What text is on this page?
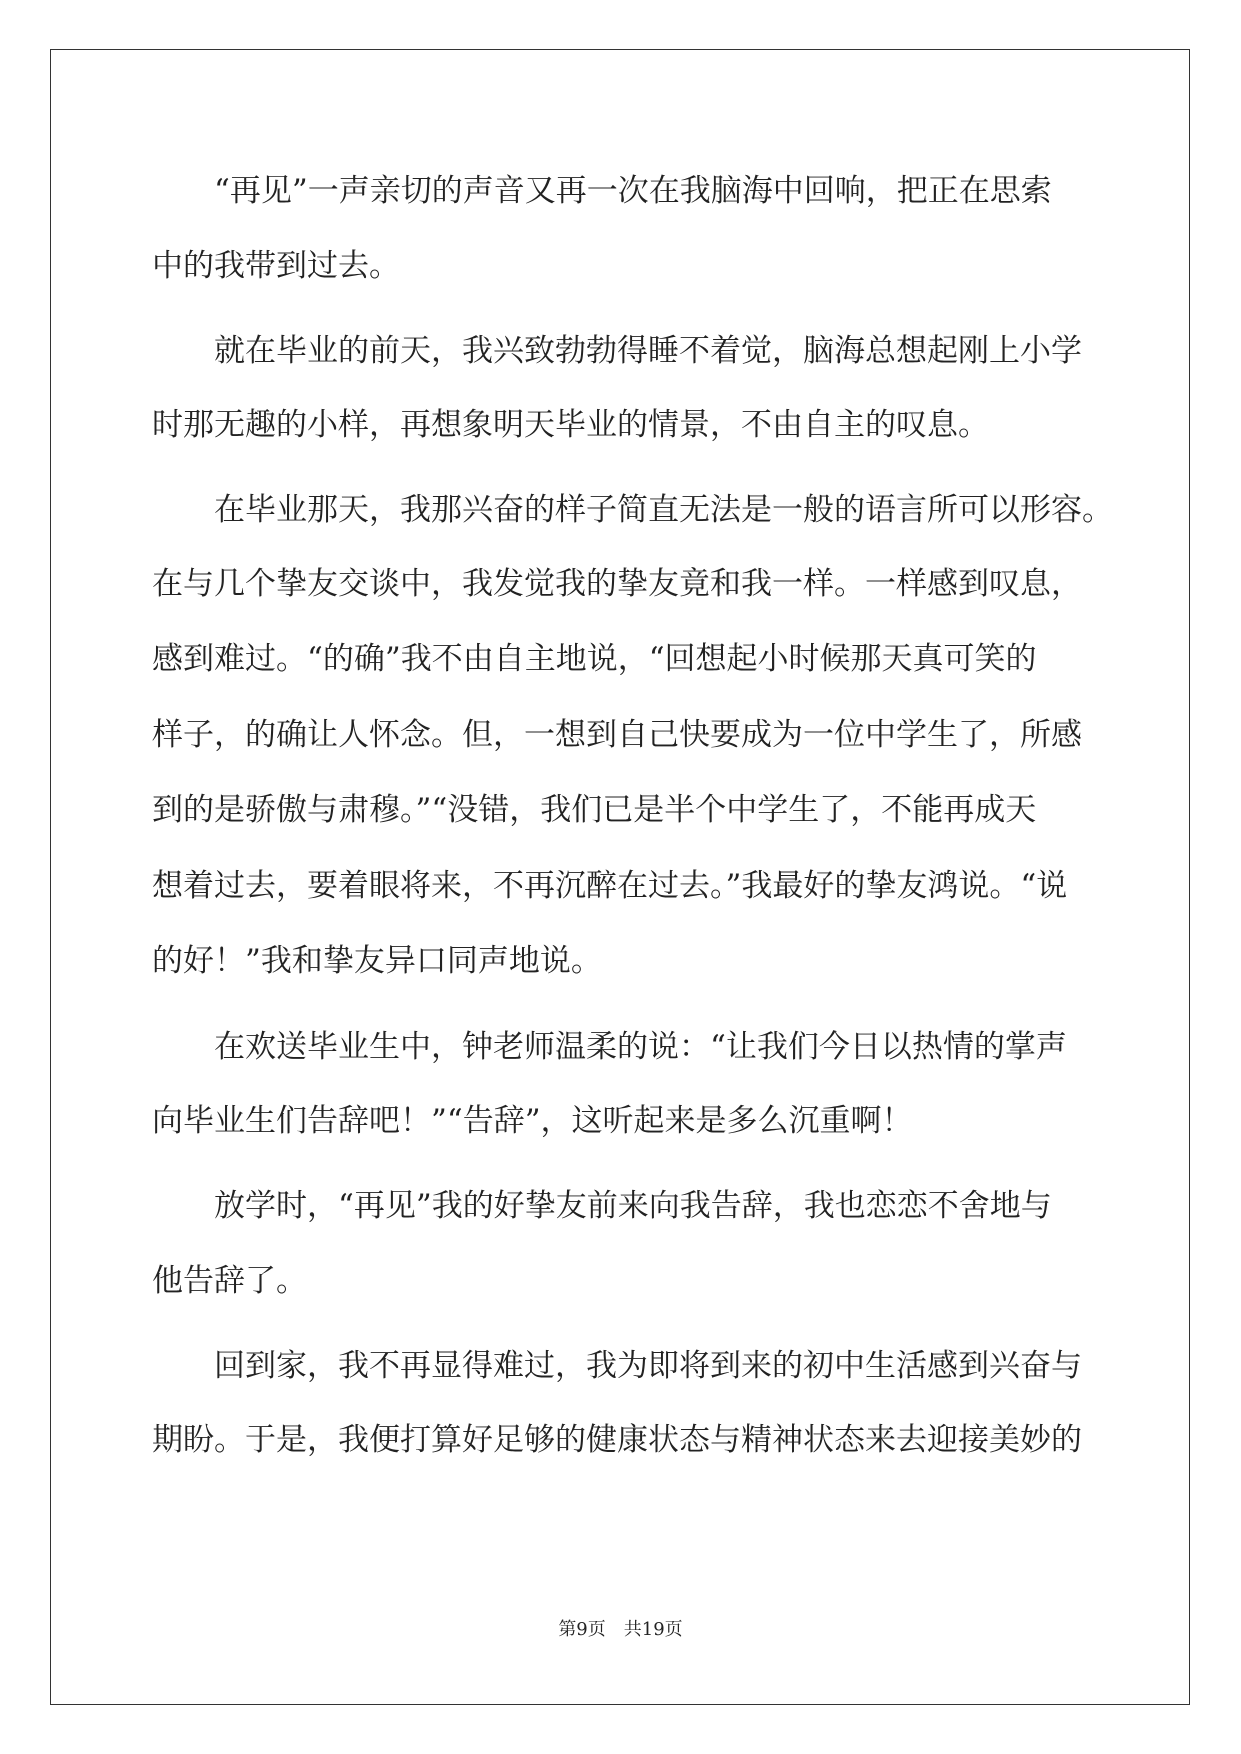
“再见”一声亲切的声音又再一次在我脑海中回响，把正在思索
中的我带到过去。
就在毕业的前天，我兴致勃勃得睡不着觉，脑海总想起刚上小学
时那无趣的小样，再想象明天毕业的情景，不由自主的叹息。
在毕业那天，我那兴奋的样子简直无法是一般的语言所可以形容。
在与几个挚友交谈中，我发觉我的挚友竟和我一样。一样感到叹息，
感到难过。“的确”我不由自主地说，“回想起小时候那天真可笑的
样子，的确让人怀念。但，一想到自己快要成为一位中学生了，所感
到的是骄傲与肃穆。”“没错，我们已是半个中学生了，不能再成天
想着过去，要着眼将来，不再沉醉在过去。”我最好的挚友鸿说。“说
的好！”我和挚友异口同声地说。
在欢送毕业生中，钟老师温柔的说：“让我们今日以热情的掌声
向毕业生们告辞吧！”“告辞”，这听起来是多么沉重啊！
放学时，“再见”我的好挚友前来向我告辞，我也恋恋不舍地与
他告辞了。
回到家，我不再显得难过，我为即将到来的初中生活感到兴奋与
期盼。于是，我便打算好足够的健康状态与精神状态来去迎接美妙的
第9页　共19页
